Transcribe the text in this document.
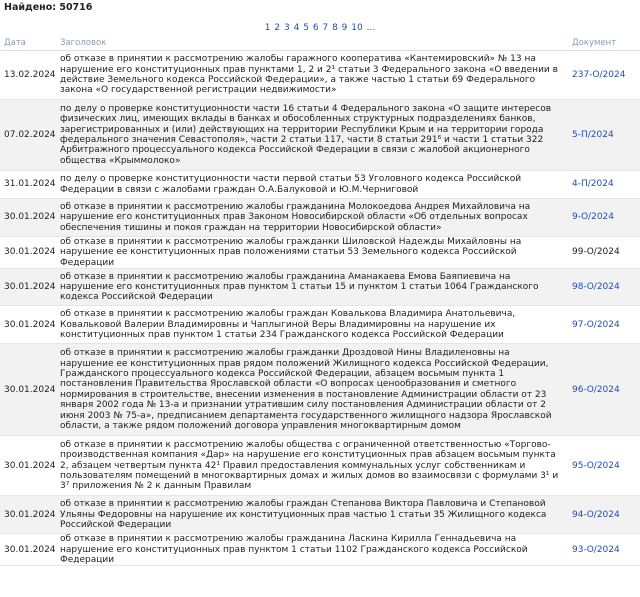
Найдено: 50716
1 2 3 4 5 6 7 8 9 10 ...
Дата	Заголовок	Документ
13.02.2024	об отказе в принятии к рассмотрению жалобы гаражного кооператива «Кантемировский» № 13 на нарушение его конституционных прав пунктами 1, 2 и 2¹ статьи 3 Федерального закона «О введении в действие Земельного кодекса Российской Федерации», а также частью 1 статьи 69 Федерального закона «О государственной регистрации недвижимости»	237-О/2024
07.02.2024	по делу о проверке конституционности части 16 статьи 4 Федерального закона «О защите интересов физических лиц, имеющих вклады в банках и обособленных структурных подразделениях банков, зарегистрированных и (или) действующих на территории Республики Крым и на территории города федерального значения Севастополя», части 2 статьи 117, части 8 статьи 291⁶ и части 1 статьи 322 Арбитражного процессуального кодекса Российской Федерации в связи с жалобой акционерного общества «Крыммолоко»	5-П/2024
31.01.2024	по делу о проверке конституционности части первой статьи 53 Уголовного кодекса Российской Федерации в связи с жалобами граждан О.А.Балуковой и Ю.М.Черниговой	4-П/2024
30.01.2024	об отказе в принятии к рассмотрению жалобы гражданина Молокоедова Андрея Михайловича на нарушение его конституционных прав Законом Новосибирской области «Об отдельных вопросах обеспечения тишины и покоя граждан на территории Новосибирской области»	9-О/2024
30.01.2024	об отказе в принятии к рассмотрению жалобы гражданки Шиловской Надежды Михайловны на нарушение ее конституционных прав положениями статьи 53 Земельного кодекса Российской Федерации	99-О/2024
30.01.2024	об отказе в принятии к рассмотрению жалобы гражданина Аманакаева Емова Баяпиевича на нарушение его конституционных прав пунктом 1 статьи 15 и пунктом 1 статьи 1064 Гражданского кодекса Российской Федерации	98-О/2024
30.01.2024	об отказе в принятии к рассмотрению жалобы граждан Ковалькова Владимира Анатольевича, Ковальковой Валерии Владимировны и Чаплыгиной Веры Владимировны на нарушение их конституционных прав пунктом 1 статьи 234 Гражданского кодекса Российской Федерации	97-О/2024
30.01.2024	об отказе в принятии к рассмотрению жалобы гражданки Дроздовой Нины Владиленовны на нарушение ее конституционных прав рядом положений Жилищного кодекса Российской Федерации, Гражданского процессуального кодекса Российской Федерации, абзацем восьмым пункта 1 постановления Правительства Ярославской области «О вопросах ценообразования и сметного нормирования в строительстве, внесении изменения в постановление Администрации области от 23 января 2002 года № 13-а и признании утратившим силу постановления Администрации области от 2 июня 2003 № 75-а», предписанием департамента государственного жилищного надзора Ярославской области, а также рядом положений договора управления многоквартирным домом	96-О/2024
30.01.2024	об отказе в принятии к рассмотрению жалобы общества с ограниченной ответственностью «Торгово-производственная компания «Дар» на нарушение его конституционных прав абзацем восьмым пункта 2, абзацем четвертым пункта 42¹ Правил предоставления коммунальных услуг собственникам и пользователям помещений в многоквартирных домах и жилых домов во взаимосвязи с формулами 3¹ и 3⁷ приложения № 2 к данным Правилам	95-О/2024
30.01.2024	об отказе в принятии к рассмотрению жалобы граждан Степанова Виктора Павловича и Степановой Ульяны Федоровны на нарушение их конституционных прав частью 1 статьи 35 Жилищного кодекса Российской Федерации	94-О/2024
30.01.2024	об отказе в принятии к рассмотрению жалобы гражданина Ласкина Кирилла Геннадьевича на нарушение его конституционных прав пунктом 1 статьи 1102 Гражданского кодекса Российской Федерации	93-О/2024
